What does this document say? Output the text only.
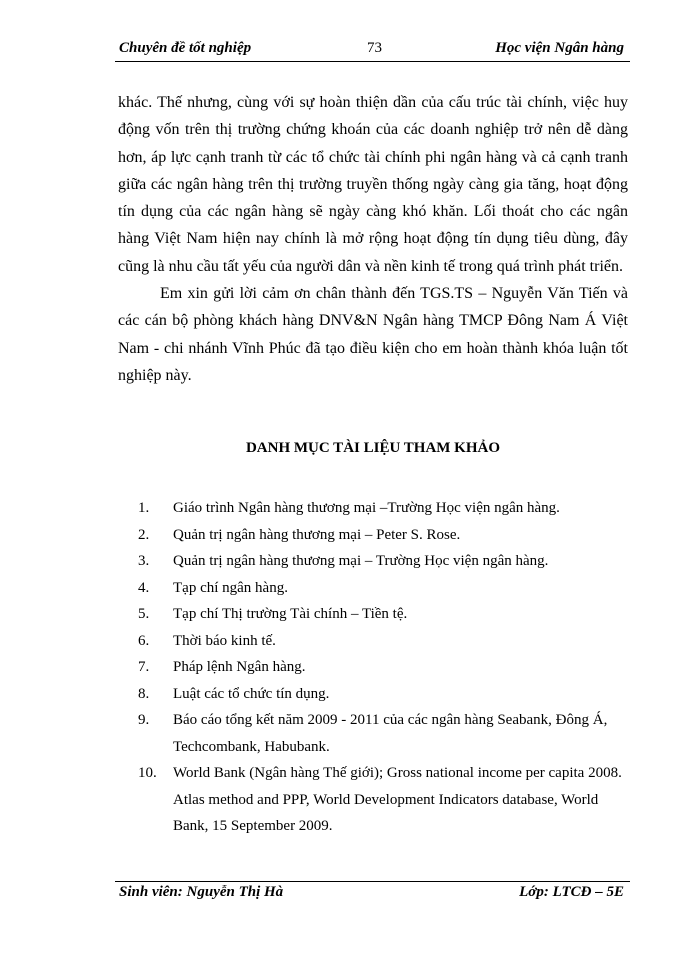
Chuyên đề tốt nghiệp	73	Học viện Ngân hàng

khác. Thế nhưng, cùng với sự hoàn thiện dần của cấu trúc tài chính, việc huy động vốn trên thị trường chứng khoán của các doanh nghiệp trở nên dễ dàng hơn, áp lực cạnh tranh từ các tổ chức tài chính phi ngân hàng và cả cạnh tranh giữa các ngân hàng trên thị trường truyền thống ngày càng gia tăng, hoạt động tín dụng của các ngân hàng sẽ ngày càng khó khăn. Lối thoát cho các ngân hàng Việt Nam hiện nay chính là mở rộng hoạt động tín dụng tiêu dùng, đây cũng là nhu cầu tất yếu của người dân và nền kinh tế trong quá trình phát triển.

Em xin gửi lời cảm ơn chân thành đến TGS.TS – Nguyễn Văn Tiến và các cán bộ phòng khách hàng DNV&N Ngân hàng TMCP Đông Nam Á Việt Nam - chi nhánh Vĩnh Phúc đã tạo điều kiện cho em hoàn thành khóa luận tốt nghiệp này.

DANH MỤC TÀI LIỆU THAM KHẢO
1. Giáo trình Ngân hàng thương mại –Trường Học viện ngân hàng.
2. Quản trị ngân hàng thương mại – Peter S. Rose.
3. Quản trị ngân hàng thương mại – Trường Học viện ngân hàng.
4. Tạp chí ngân hàng.
5. Tạp chí Thị trường Tài chính – Tiền tệ.
6. Thời báo kinh tế.
7. Pháp lệnh Ngân hàng.
8. Luật các tổ chức tín dụng.
9. Báo cáo tổng kết năm 2009 - 2011 của các ngân hàng Seabank, Đông Á, Techcombank, Habubank.
10. World Bank (Ngân hàng Thế giới); Gross national income per capita 2008. Atlas method and PPP, World Development Indicators database, World Bank, 15 September 2009.
Sinh viên: Nguyễn Thị Hà	Lớp: LTCĐ – 5E
